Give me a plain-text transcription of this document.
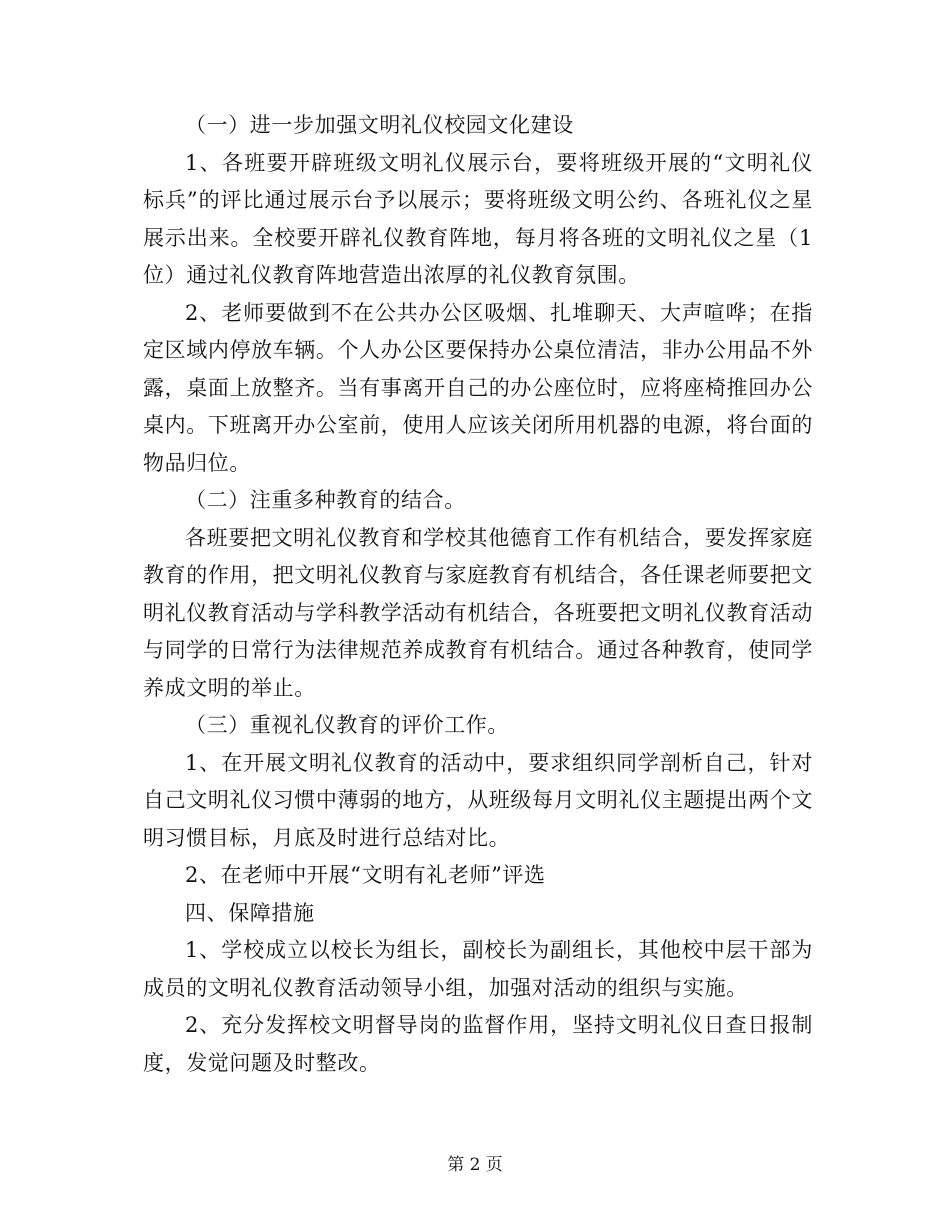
（一）进一步加强文明礼仪校园文化建设

1、各班要开辟班级文明礼仪展示台，要将班级开展的“文明礼仪标兵”的评比通过展示台予以展示；要将班级文明公约、各班礼仪之星展示出来。全校要开辟礼仪教育阵地，每月将各班的文明礼仪之星（1位）通过礼仪教育阵地营造出浓厚的礼仪教育氛围。

2、老师要做到不在公共办公区吸烟、扎堆聊天、大声喧哗；在指定区域内停放车辆。个人办公区要保持办公桌位清洁，非办公用品不外露，桌面上放整齐。当有事离开自己的办公座位时，应将座椅推回办公桌内。下班离开办公室前，使用人应该关闭所用机器的电源，将台面的物品归位。

（二）注重多种教育的结合。

各班要把文明礼仪教育和学校其他德育工作有机结合，要发挥家庭教育的作用，把文明礼仪教育与家庭教育有机结合，各任课老师要把文明礼仪教育活动与学科教学活动有机结合，各班要把文明礼仪教育活动与同学的日常行为法律规范养成教育有机结合。通过各种教育，使同学养成文明的举止。

（三）重视礼仪教育的评价工作。

1、在开展文明礼仪教育的活动中，要求组织同学剖析自己，针对自己文明礼仪习惯中薄弱的地方，从班级每月文明礼仪主题提出两个文明习惯目标，月底及时进行总结对比。

2、在老师中开展“文明有礼老师”评选

四、保障措施

1、学校成立以校长为组长，副校长为副组长，其他校中层干部为成员的文明礼仪教育活动领导小组，加强对活动的组织与实施。

2、充分发挥校文明督导岗的监督作用，坚持文明礼仪日查日报制度，发觉问题及时整改。

第 2 页
